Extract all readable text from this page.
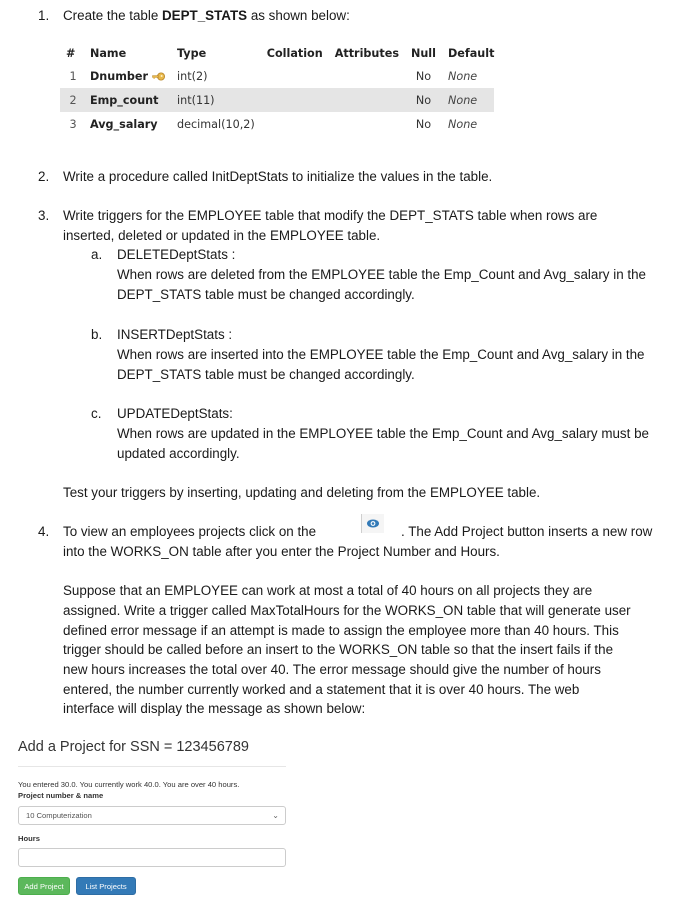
1. Create the table DEPT_STATS as shown below:
#	Name	Type	Collation	Attributes	Null	Default
1	Dnumber	int(2)			No	None
2	Emp_count	int(11)			No	None
3	Avg_salary	decimal(10,2)			No	None
2. Write a procedure called InitDeptStats to initialize the values in the table.
3. Write triggers for the EMPLOYEE table that modify the DEPT_STATS table when rows are
inserted, deleted or updated in the EMPLOYEE table.
a. DELETEDeptStats :
When rows are deleted from the EMPLOYEE table the Emp_Count and Avg_salary in the
DEPT_STATS table must be changed accordingly.
b. INSERTDeptStats :
When rows are inserted into the EMPLOYEE table the Emp_Count and Avg_salary in the
DEPT_STATS table must be changed accordingly.
c. UPDATEDeptStats:
When rows are updated in the EMPLOYEE table the Emp_Count and Avg_salary must be
updated accordingly.
Test your triggers by inserting, updating and deleting from the EMPLOYEE table.
4. To view an employees projects click on the	. The Add Project button inserts a new row
into the WORKS_ON table after you enter the Project Number and Hours.
Suppose that an EMPLOYEE can work at most a total of 40 hours on all projects they are
assigned. Write a trigger called MaxTotalHours for the WORKS_ON table that will generate user
defined error message if an attempt is made to assign the employee more than 40 hours. This
trigger should be called before an insert to the WORKS_ON table so that the insert fails if the
new hours increases the total over 40. The error message should give the number of hours
entered, the number currently worked and a statement that it is over 40 hours. The web
interface will display the message as shown below:
Add a Project for SSN = 123456789
You entered 30.0. You currently work 40.0. You are over 40 hours.
Project number & name
10 Computerization	⌄
Hours
Add Project	List Projects
